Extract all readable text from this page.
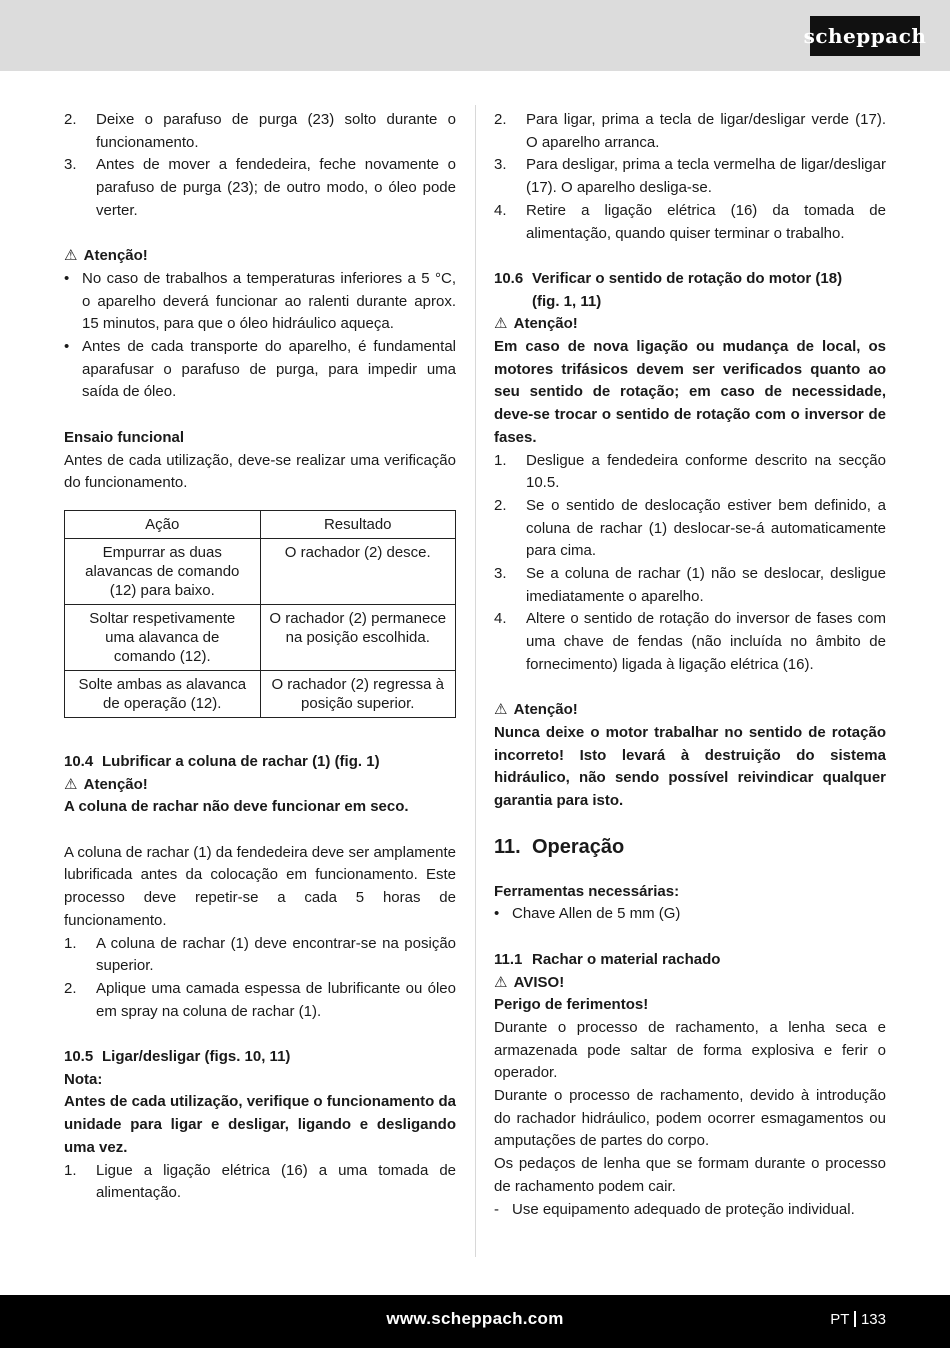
scheppach
2. Deixe o parafuso de purga (23) solto durante o funcionamento.
3. Antes de mover a fendedeira, feche novamente o parafuso de purga (23); de outro modo, o óleo pode verter.
⚠ Atenção!
• No caso de trabalhos a temperaturas inferiores a 5 °C, o aparelho deverá funcionar ao ralenti durante aprox. 15 minutos, para que o óleo hidráulico aqueça.
• Antes de cada transporte do aparelho, é fundamental aparafusar o parafuso de purga, para impedir uma saída de óleo.

Ensaio funcional

Antes de cada utilização, deve-se realizar uma verificação do funcionamento.

Ação	Resultado
Empurrar as duas alavancas de comando (12) para baixo.	O rachador (2) desce.
Soltar respetivamente uma alavanca de comando (12).	O rachador (2) permanece na posição escolhida.
Solte ambas as alavanca de operação (12).	O rachador (2) regressa à posição superior.
10.4 Lubrificar a coluna de rachar (1) (fig. 1)
⚠ Atenção!

A coluna de rachar não deve funcionar em seco.

A coluna de rachar (1) da fendedeira deve ser amplamente lubrificada antes da colocação em funcionamento. Este processo deve repetir-se a cada 5 horas de funcionamento.

1. A coluna de rachar (1) deve encontrar-se na posição superior.
2. Aplique uma camada espessa de lubrificante ou óleo em spray na coluna de rachar (1).
10.5 Ligar/desligar (figs. 10, 11)

Nota:

Antes de cada utilização, verifique o funcionamento da unidade para ligar e desligar, ligando e desligando uma vez.

1. Ligue a ligação elétrica (16) a uma tomada de alimentação.
2. Para ligar, prima a tecla de ligar/desligar verde (17). O aparelho arranca.
3. Para desligar, prima a tecla vermelha de ligar/desligar (17). O aparelho desliga-se.
4. Retire a ligação elétrica (16) da tomada de alimentação, quando quiser terminar o trabalho.
10.6 Verificar o sentido de rotação do motor (18)
(fig. 1, 11)
⚠ Atenção!

Em caso de nova ligação ou mudança de local, os motores trifásicos devem ser verificados quanto ao seu sentido de rotação; em caso de necessidade, deve-se trocar o sentido de rotação com o inversor de fases.

1. Desligue a fendedeira conforme descrito na secção 10.5.
2. Se o sentido de deslocação estiver bem definido, a coluna de rachar (1) deslocar-se-á automaticamente para cima.
3. Se a coluna de rachar (1) não se deslocar, desligue imediatamente o aparelho.
4. Altere o sentido de rotação do inversor de fases com uma chave de fendas (não incluída no âmbito de fornecimento) ligada à ligação elétrica (16).
⚠ Atenção!

Nunca deixe o motor trabalhar no sentido de rotação incorreto! Isto levará à destruição do sistema hidráulico, não sendo possível reivindicar qualquer garantia para isto.

11. Operação

Ferramentas necessárias:

• Chave Allen de 5 mm (G)
11.1 Rachar o material rachado
⚠ AVISO!

Perigo de ferimentos!

Durante o processo de rachamento, a lenha seca e armazenada pode saltar de forma explosiva e ferir o operador.

Durante o processo de rachamento, devido à introdução do rachador hidráulico, podem ocorrer esmagamentos ou amputações de partes do corpo.

Os pedaços de lenha que se formam durante o processo de rachamento podem cair.

- Use equipamento adequado de proteção individual.
www.scheppach.com	PT 133
